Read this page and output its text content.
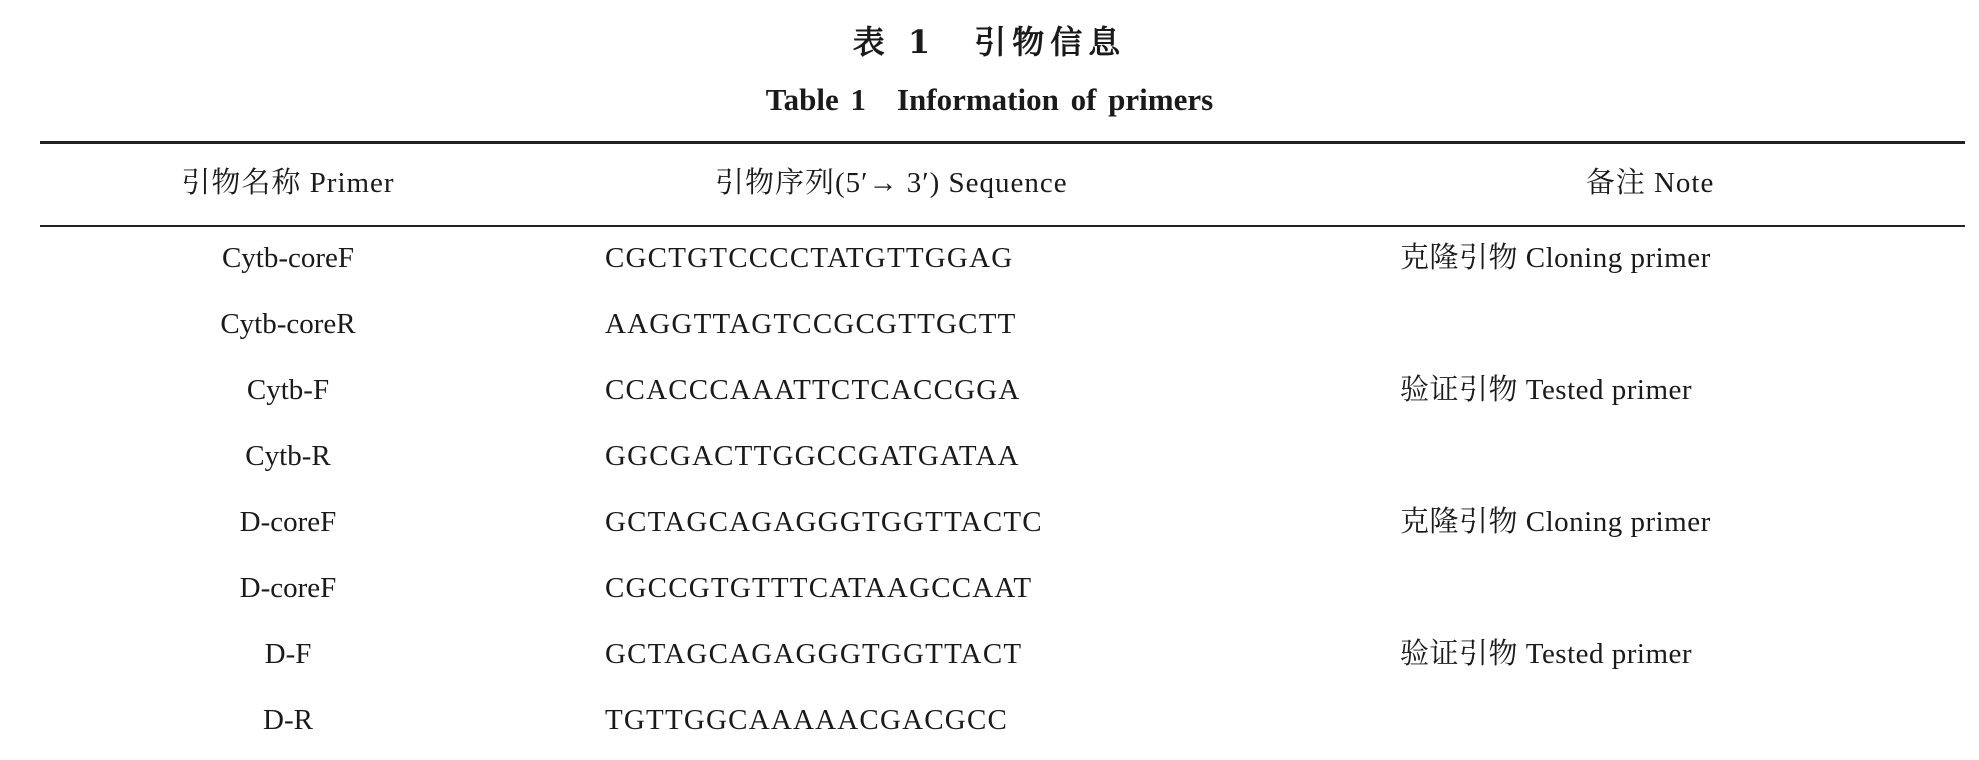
表 1　引物信息
Table 1　Information of primers
引物名称 Primer	引物序列(5′→ 3′) Sequence	备注 Note
Cytb-coreF	CGCTGTCCCCTATGTTGGAG	克隆引物 Cloning primer
Cytb-coreR	AAGGTTAGTCCGCGTTGCTT
Cytb-F	CCACCCAAATTCTCACCGGA	验证引物 Tested primer
Cytb-R	GGCGACTTGGCCGATGATAA
D-coreF	GCTAGCAGAGGGTGGTTACTC	克隆引物 Cloning primer
D-coreF	CGCCGTGTTTCATAAGCCAAT
D-F	GCTAGCAGAGGGTGGTTACT	验证引物 Tested primer
D-R	TGTTGGCAAAAACGACGCC
